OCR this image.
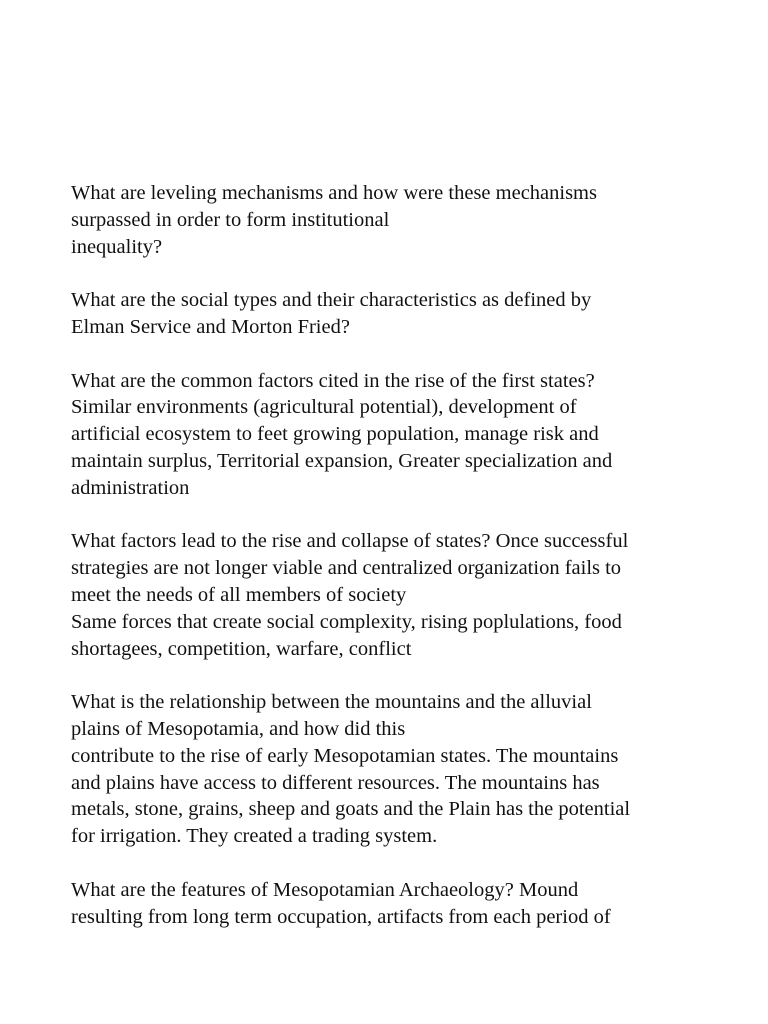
What are leveling mechanisms and how were these mechanisms
surpassed in order to form institutional
inequality?

What are the social types and their characteristics as defined by
Elman Service and Morton Fried?

What are the common factors cited in the rise of the first states?
Similar environments (agricultural potential), development of
artificial ecosystem to feet growing population, manage risk and
maintain surplus, Territorial expansion, Greater specialization and
administration

What factors lead to the rise and collapse of states? Once successful
strategies are not longer viable and centralized organization fails to
meet the needs of all members of society
Same forces that create social complexity, rising poplulations, food
shortagees, competition, warfare, conflict

What is the relationship between the mountains and the alluvial
plains of Mesopotamia, and how did this
contribute to the rise of early Mesopotamian states. The mountains
and plains have access to different resources. The mountains has
metals, stone, grains, sheep and goats and the Plain has the potential
for irrigation. They created a trading system.

What are the features of Mesopotamian Archaeology? Mound
resulting from long term occupation, artifacts from each period of
